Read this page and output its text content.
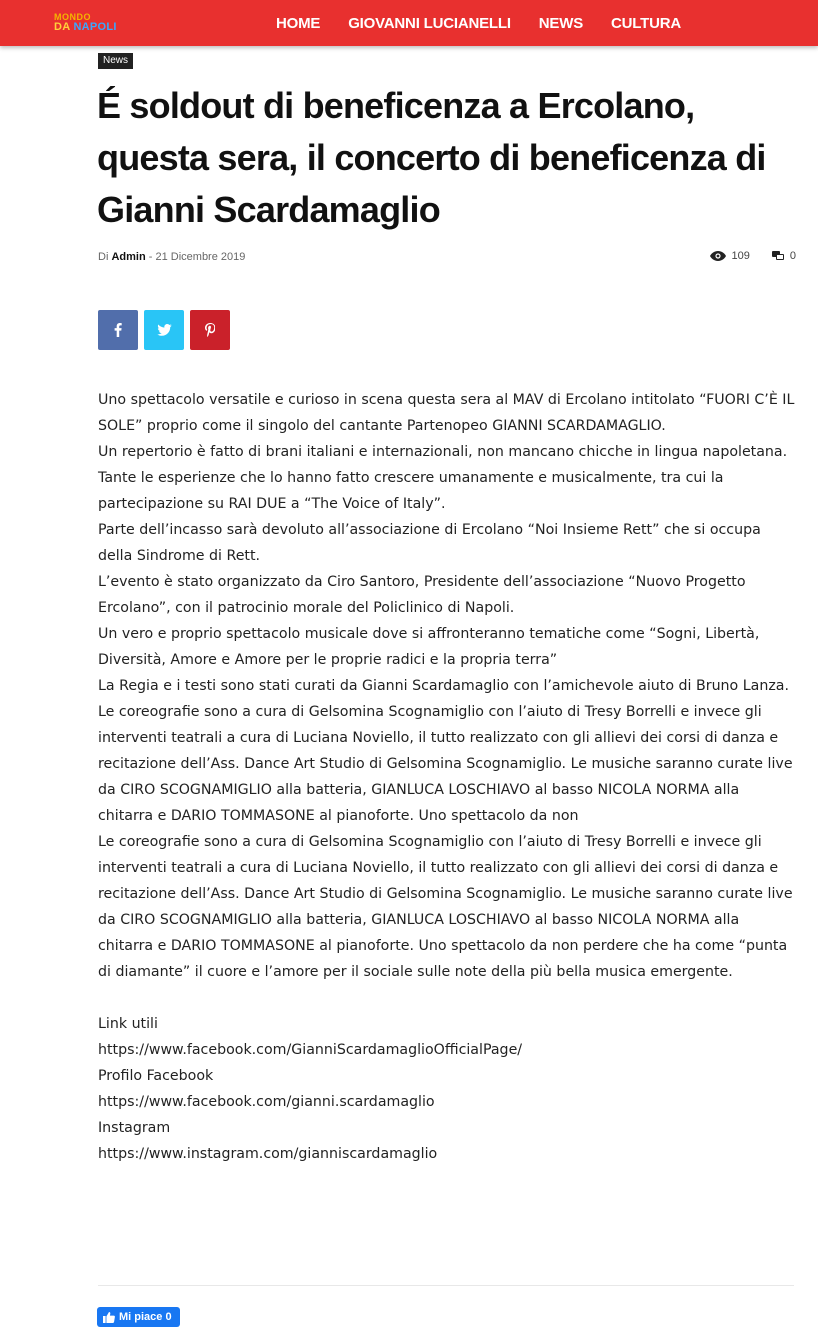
MONDO
DA NAPOLI	HOME GIOVANNI LUCIANELLI NEWS CULTURA
News
É soldout di beneficenza a Ercolano, questa sera, il concerto di beneficenza di Gianni Scardamaglio
Di Admin - 21 Dicembre 2019	109	0

Uno spettacolo versatile e curioso in scena questa sera al MAV di Ercolano intitolato “FUORI C’È IL SOLE” proprio come il singolo del cantante Partenopeo GIANNI SCARDAMAGLIO.

Un repertorio è fatto di brani italiani e internazionali, non mancano chicche in lingua napoletana.

Tante le esperienze che lo hanno fatto crescere umanamente e musicalmente, tra cui la partecipazione su RAI DUE a “The Voice of Italy”.

Parte dell’incasso sarà devoluto all’associazione di Ercolano “Noi Insieme Rett” che si occupa della Sindrome di Rett.

L’evento è stato organizzato da Ciro Santoro, Presidente dell’associazione “Nuovo Progetto Ercolano”, con il patrocinio morale del Policlinico di Napoli.

Un vero e proprio spettacolo musicale dove si affronteranno tematiche come “Sogni, Libertà, Diversità, Amore e Amore per le proprie radici e la propria terra”

La Regia e i testi sono stati curati da Gianni Scardamaglio con l’amichevole aiuto di Bruno Lanza.

Le coreografie sono a cura di Gelsomina Scognamiglio con l’aiuto di Tresy Borrelli e invece gli interventi teatrali a cura di Luciana Noviello, il tutto realizzato con gli allievi dei corsi di danza e recitazione dell’Ass. Dance Art Studio di Gelsomina Scognamiglio. Le musiche saranno curate live da CIRO SCOGNAMIGLIO alla batteria, GIANLUCA LOSCHIAVO al basso NICOLA NORMA alla chitarra e DARIO TOMMASONE al pianoforte. Uno spettacolo da non

Le coreografie sono a cura di Gelsomina Scognamiglio con l’aiuto di Tresy Borrelli e invece gli interventi teatrali a cura di Luciana Noviello, il tutto realizzato con gli allievi dei corsi di danza e recitazione dell’Ass. Dance Art Studio di Gelsomina Scognamiglio. Le musiche saranno curate live da CIRO SCOGNAMIGLIO alla batteria, GIANLUCA LOSCHIAVO al basso NICOLA NORMA alla chitarra e DARIO TOMMASONE al pianoforte. Uno spettacolo da non perdere che ha come “punta di diamante” il cuore e l’amore per il sociale sulle note della più bella musica emergente.

Link utili

https://www.facebook.com/GianniScardamaglioOfficialPage/

Profilo Facebook

https://www.facebook.com/gianni.scardamaglio

Instagram

https://www.instagram.com/gianniscardamaglio

Mi piace 0
